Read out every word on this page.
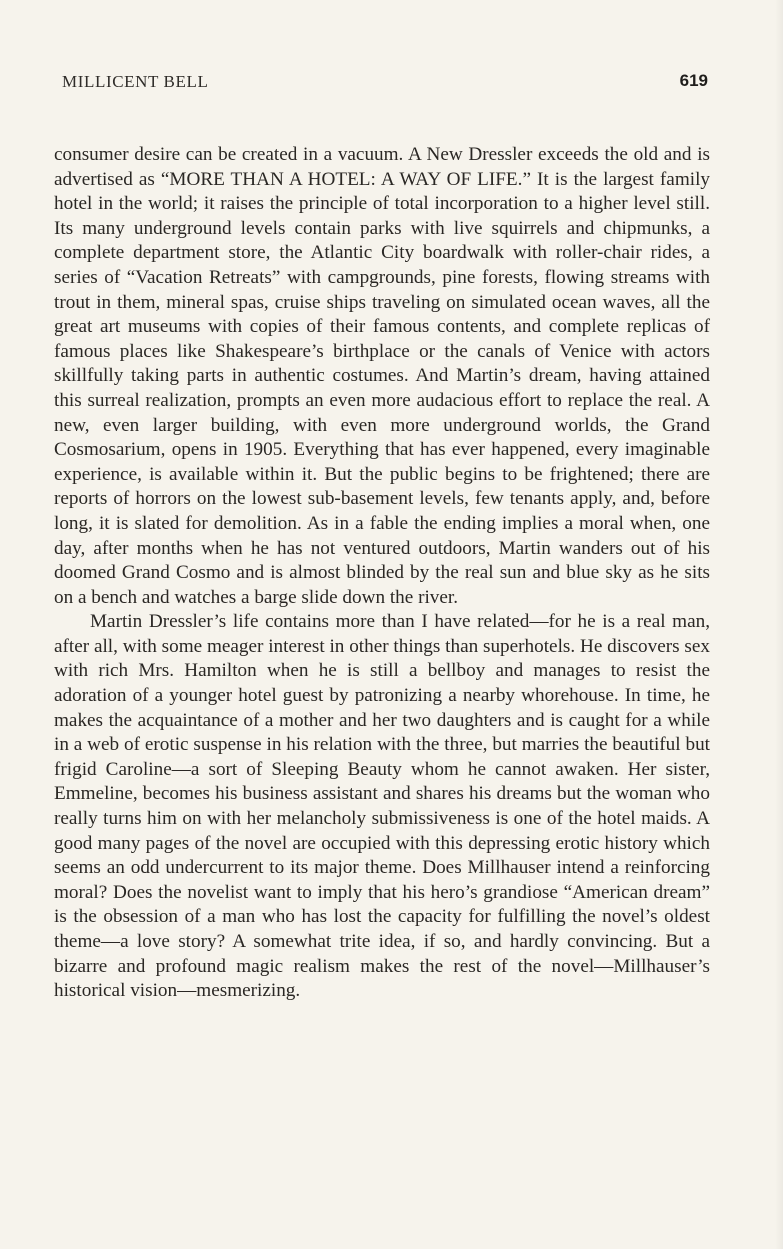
MILLICENT BELL	619

consumer desire can be created in a vacuum. A New Dressler exceeds the old and is advertised as “MORE THAN A HOTEL: A WAY OF LIFE.” It is the largest family hotel in the world; it raises the principle of total incorporation to a higher level still. Its many underground levels contain parks with live squirrels and chipmunks, a complete department store, the Atlantic City boardwalk with roller-chair rides, a series of “Vacation Retreats” with campgrounds, pine forests, flowing streams with trout in them, mineral spas, cruise ships traveling on simulated ocean waves, all the great art museums with copies of their famous contents, and complete replicas of famous places like Shakespeare’s birthplace or the canals of Venice with actors skillfully taking parts in authentic costumes. And Martin’s dream, having attained this surreal realization, prompts an even more audacious effort to replace the real. A new, even larger building, with even more underground worlds, the Grand Cosmosarium, opens in 1905. Everything that has ever happened, every imaginable experience, is available within it. But the public begins to be frightened; there are reports of horrors on the lowest sub-basement levels, few tenants apply, and, before long, it is slated for demolition. As in a fable the ending implies a moral when, one day, after months when he has not ventured outdoors, Martin wanders out of his doomed Grand Cosmo and is almost blinded by the real sun and blue sky as he sits on a bench and watches a barge slide down the river.

Martin Dressler’s life contains more than I have related—for he is a real man, after all, with some meager interest in other things than superhotels. He discovers sex with rich Mrs. Hamilton when he is still a bellboy and manages to resist the adoration of a younger hotel guest by patronizing a nearby whorehouse. In time, he makes the acquaintance of a mother and her two daughters and is caught for a while in a web of erotic suspense in his relation with the three, but marries the beautiful but frigid Caroline—a sort of Sleeping Beauty whom he cannot awaken. Her sister, Emmeline, becomes his business assistant and shares his dreams but the woman who really turns him on with her melancholy submissiveness is one of the hotel maids. A good many pages of the novel are occupied with this depressing erotic history which seems an odd undercurrent to its major theme. Does Millhauser intend a reinforcing moral? Does the novelist want to imply that his hero’s grandiose “American dream” is the obsession of a man who has lost the capacity for fulfilling the novel’s oldest theme—a love story? A somewhat trite idea, if so, and hardly convincing. But a bizarre and profound magic realism makes the rest of the novel—Millhauser’s historical vision—mesmerizing.
